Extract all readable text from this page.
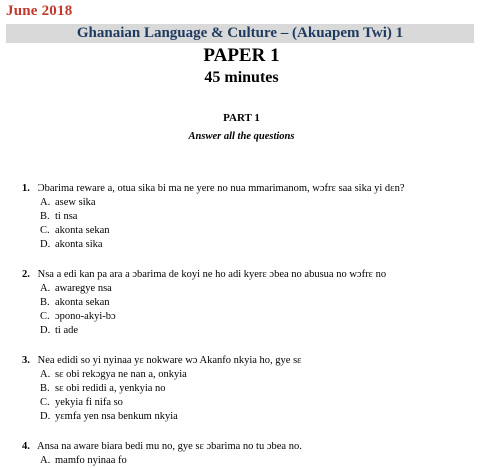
June 2018
Ghanaian Language & Culture – (Akuapem Twi) 1
PAPER 1
45 minutes
PART 1
Answer all the questions
1. Ɔbarima reware a, otua sika bi ma ne yere no nua mmarimanom, wɔfrɛ saa sika yi dɛn?
A. asew sika
B. ti nsa
C. akonta sekan
D. akonta sika
2. Nsa a edi kan pa ara a ɔbarima de koyi ne ho adi kyerɛ ɔbea no abusua no wɔfrɛ no
A. awaregye nsa
B. akonta sekan
C. ɔpono-akyi-bɔ
D. ti ade
3. Nea edidi so yi nyinaa yɛ nokware wɔ Akanfo nkyia ho, gye sɛ
A. sɛ obi rekɔgya ne nan a, onkyia
B. sɛ obi redidi a, yenkyia no
C. yekyia fi nifa so
D. yɛmfa yen nsa benkum nkyia
4. Ansa na aware biara bedi mu no, gye sɛ ɔbarima no tu ɔbea no.
A. mamfo nyinaa fo
